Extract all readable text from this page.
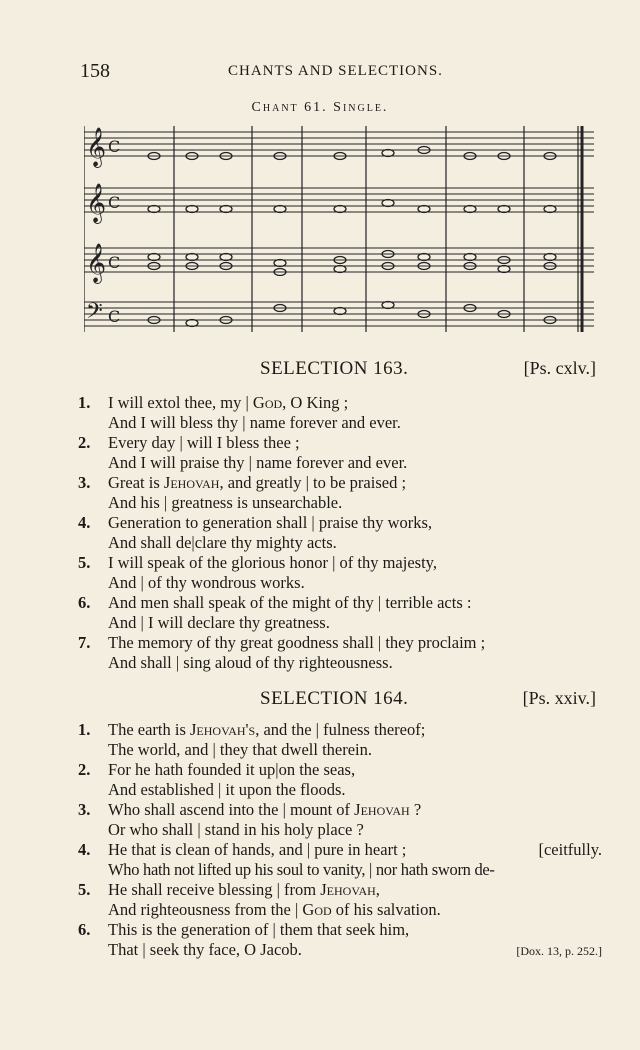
158	CHANTS AND SELECTIONS.
Chant 61. Single.
𝄞
𝄞
𝄞
𝄢
C
C
C
C
SELECTION 163.	[Ps. cxlv.]
1.	I will extol thee, my | God, O King ;
And I will bless thy | name forever and ever.
2.	Every day | will I bless thee ;
And I will praise thy | name forever and ever.
3.	Great is Jehovah, and greatly | to be praised ;
And his | greatness is unsearchable.
4.	Generation to generation shall | praise thy works,
And shall de|clare thy mighty acts.
5.	I will speak of the glorious honor | of thy majesty,
And | of thy wondrous works.
6.	And men shall speak of the might of thy | terrible acts :
And | I will declare thy greatness.
7.	The memory of thy great goodness shall | they proclaim ;
And shall | sing aloud of thy righteousness.
SELECTION 164.	[Ps. xxiv.]
1.	The earth is Jehovah's, and the | fulness thereof;
The world, and | they that dwell therein.
2.	For he hath founded it up|on the seas,
And established | it upon the floods.
3.	Who shall ascend into the | mount of Jehovah ?
Or who shall | stand in his holy place ?
4.	He that is clean of hands, and | pure in heart ;	[ceitfully.
Who hath not lifted up his soul to vanity, | nor hath sworn de-
5.	He shall receive blessing | from Jehovah,
And righteousness from the | God of his salvation.
6.	This is the generation of | them that seek him,
That | seek thy face, O Jacob.	[Dox. 13, p. 252.]
